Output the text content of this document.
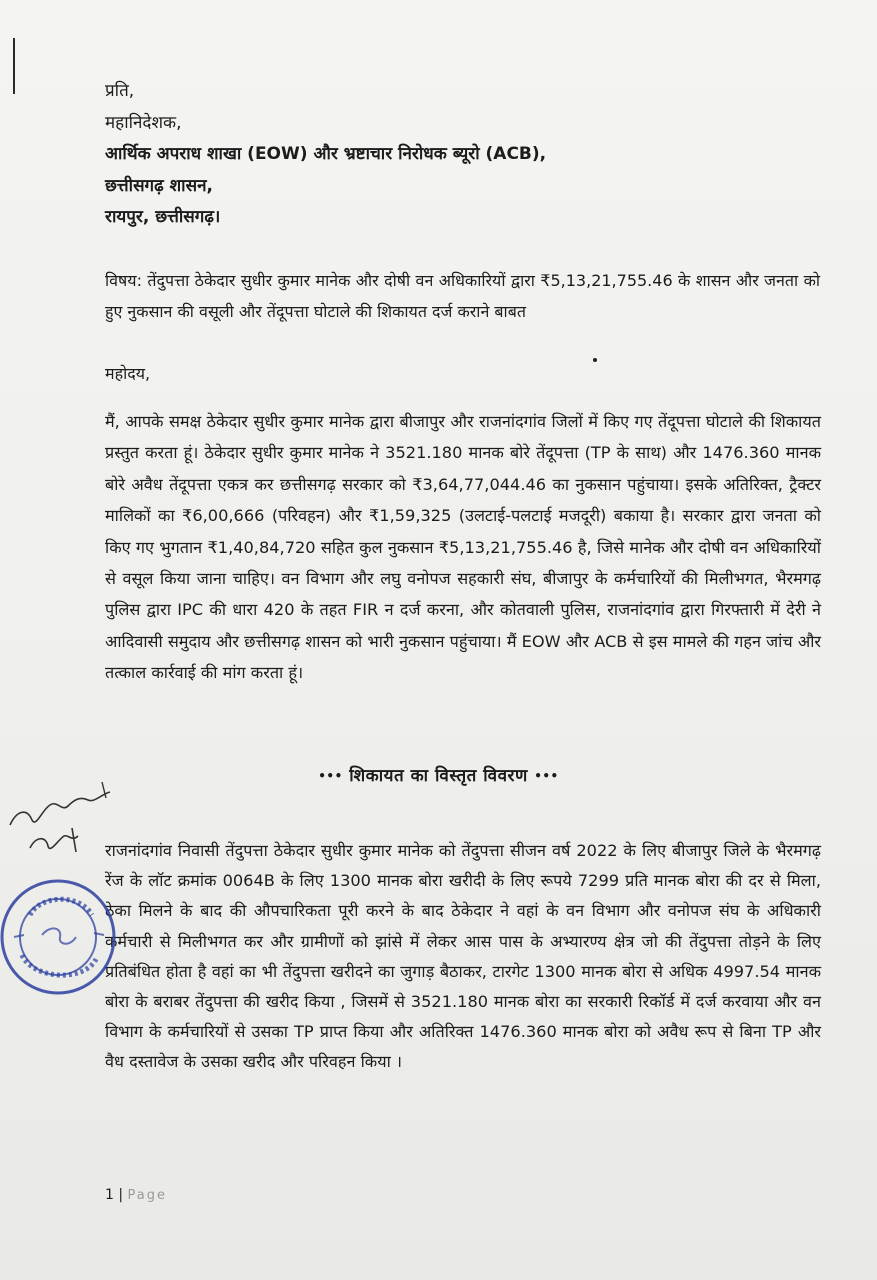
प्रति,
महानिदेशक,
आर्थिक अपराध शाखा (EOW) और भ्रष्टाचार निरोधक ब्यूरो (ACB),
छत्तीसगढ़ शासन,
रायपुर, छत्तीसगढ़।
विषय: तेंदुपत्ता ठेकेदार सुधीर कुमार मानेक और दोषी वन अधिकारियों द्वारा ₹5,13,21,755.46 के शासन और जनता को हुए नुकसान की वसूली और तेंदूपत्ता घोटाले की शिकायत दर्ज कराने बाबत
महोदय,
मैं, आपके समक्ष ठेकेदार सुधीर कुमार मानेक द्वारा बीजापुर और राजनांदगांव जिलों में किए गए तेंदूपत्ता घोटाले की शिकायत प्रस्तुत करता हूं। ठेकेदार सुधीर कुमार मानेक ने 3521.180 मानक बोरे तेंदूपत्ता (TP के साथ) और 1476.360 मानक बोरे अवैध तेंदूपत्ता एकत्र कर छत्तीसगढ़ सरकार को ₹3,64,77,044.46 का नुकसान पहुंचाया। इसके अतिरिक्त, ट्रैक्टर मालिकों का ₹6,00,666 (परिवहन) और ₹1,59,325 (उलटाई-पलटाई मजदूरी) बकाया है। सरकार द्वारा जनता को किए गए भुगतान ₹1,40,84,720 सहित कुल नुकसान ₹5,13,21,755.46 है, जिसे मानेक और दोषी वन अधिकारियों से वसूल किया जाना चाहिए। वन विभाग और लघु वनोपज सहकारी संघ, बीजापुर के कर्मचारियों की मिलीभगत, भैरमगढ़ पुलिस द्वारा IPC की धारा 420 के तहत FIR न दर्ज करना, और कोतवाली पुलिस, राजनांदगांव द्वारा गिरफ्तारी में देरी ने आदिवासी समुदाय और छत्तीसगढ़ शासन को भारी नुकसान पहुंचाया। मैं EOW और ACB से इस मामले की गहन जांच और तत्काल कार्रवाई की मांग करता हूं।
••• शिकायत का विस्तृत विवरण •••
राजनांदगांव निवासी तेंदुपत्ता ठेकेदार सुधीर कुमार मानेक को तेंदुपत्ता सीजन वर्ष 2022 के लिए बीजापुर जिले के भैरमगढ़ रेंज के लॉट क्रमांक 0064B के लिए 1300 मानक बोरा खरीदी के लिए रूपये 7299 प्रति मानक बोरा की दर से मिला, ठेका मिलने के बाद की औपचारिकता पूरी करने के बाद ठेकेदार ने वहां के वन विभाग और वनोपज संघ के अधिकारी कर्मचारी से मिलीभगत कर और ग्रामीणों को झांसे में लेकर आस पास के अभ्यारण्य क्षेत्र जो की तेंदुपत्ता तोड़ने के लिए प्रतिबंधित होता है वहां का भी तेंदुपत्ता खरीदने का जुगाड़ बैठाकर, टारगेट 1300 मानक बोरा से अधिक 4997.54 मानक बोरा के बराबर तेंदुपत्ता की खरीद किया , जिसमें से 3521.180 मानक बोरा का सरकारी रिकॉर्ड में दर्ज करवाया और वन विभाग के कर्मचारियों से उसका TP प्राप्त किया और अतिरिक्त 1476.360 मानक बोरा को अवैध रूप से बिना TP और वैध दस्तावेज के उसका खरीद और परिवहन किया ।
1 | Page
